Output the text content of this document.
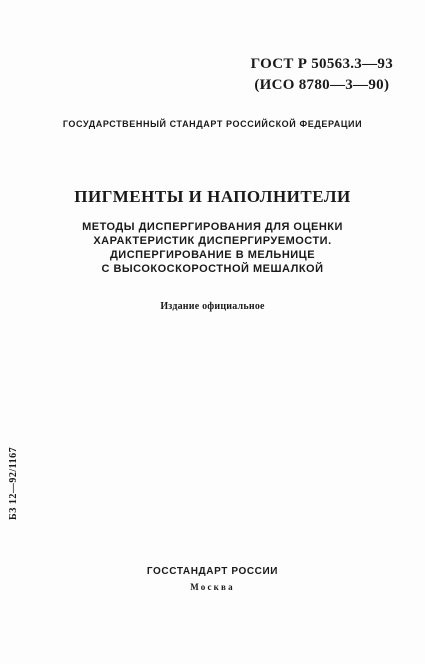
ГОСТ Р 50563.3—93
(ИСО 8780—3—90)
ГОСУДАРСТВЕННЫЙ СТАНДАРТ РОССИЙСКОЙ ФЕДЕРАЦИИ
ПИГМЕНТЫ И НАПОЛНИТЕЛИ
МЕТОДЫ ДИСПЕРГИРОВАНИЯ ДЛЯ ОЦЕНКИ
ХАРАКТЕРИСТИК ДИСПЕРГИРУЕМОСТИ.
ДИСПЕРГИРОВАНИЕ В МЕЛЬНИЦЕ
С ВЫСОКОСКОРОСТНОЙ МЕШАЛКОЙ
Издание официальное
БЗ 12—92/1167
ГОССТАНДАРТ РОССИИ
Москва
